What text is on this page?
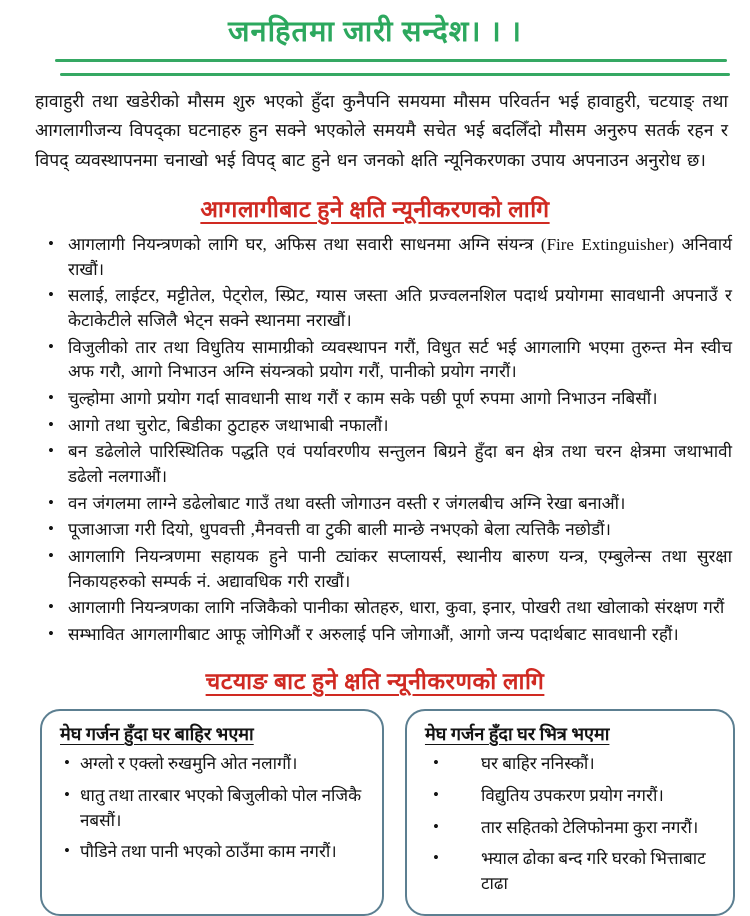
जनहितमा जारी सन्देश। । ।

हावाहुरी तथा खडेरीको मौसम शुरु भएको हुँदा कुनैपनि समयमा मौसम परिवर्तन भई हावाहुरी, चटयाङ् तथा आगलागीजन्य विपद्का घटनाहरु हुन सक्ने भएकोले समयमै सचेत भई बदलिँदो मौसम अनुरुप सतर्क रहन र विपद् व्यवस्थापनमा चनाखो भई विपद् बाट हुने धन जनको क्षति न्यूनिकरणका उपाय अपनाउन अनुरोध छ।

आगलागीबाट हुने क्षति न्यूनीकरणको लागि
• आगलागी नियन्त्रणको लागि घर, अफिस तथा सवारी साधनमा अग्नि संयन्त्र (Fire Extinguisher) अनिवार्य राखौं।
• सलाई, लाईटर, मट्टीतेल, पेट्रोल, स्प्रिट, ग्यास जस्ता अति प्रज्वलनशिल पदार्थ प्रयोगमा सावधानी अपनाउँ र केटाकेटीले सजिलै भेट्न सक्ने स्थानमा नराखौं।
• विजुलीको तार तथा विधुतिय सामाग्रीको व्यवस्थापन गरौं, विधुत सर्ट भई आगलागि भएमा तुरुन्त मेन स्वीच अफ गरौ, आगो निभाउन अग्नि संयन्त्रको प्रयोग गरौं, पानीको प्रयोग नगरौं।
• चुल्होमा आगो प्रयोग गर्दा सावधानी साथ गरौं र काम सके पछी पूर्ण रुपमा आगो निभाउन नबिसौं।
• आगो तथा चुरोट, बिडीका ठुटाहरु जथाभाबी नफालौं।
• बन डढेलोले पारिस्थितिक पद्धति एवं पर्यावरणीय सन्तुलन बिग्रने हुँदा बन क्षेत्र तथा चरन क्षेत्रमा जथाभावी डढेलो नलगाऔं।
• वन जंगलमा लाग्ने डढेलोबाट गाउँ तथा वस्ती जोगाउन वस्ती र जंगलबीच अग्नि रेखा बनाऔं।
• पूजाआजा गरी दियो, धुपवत्ती ,मैनवत्ती वा टुकी बाली मान्छे नभएको बेला त्यत्तिकै नछोडौं।
• आगलागि नियन्त्रणमा सहायक हुने पानी ट्यांकर सप्लायर्स, स्थानीय बारुण यन्त्र, एम्बुलेन्स तथा सुरक्षा निकायहरुको सम्पर्क नं. अद्यावधिक गरी राखौं।
• आगलागी नियन्त्रणका लागि नजिकैको पानीका स्रोतहरु, धारा, कुवा, इनार, पोखरी तथा खोलाको संरक्षण गरौं
• सम्भावित आगलागीबाट आफू जोगिऔं र अरुलाई पनि जोगाऔं, आगो जन्य पदार्थबाट सावधानी रहौं।
चटयाङ बाट हुने क्षति न्यूनीकरणको लागि
मेघ गर्जन हुँदा घर बाहिर भएमा
• अग्लो र एक्लो रुखमुनि ओत नलागौं।
• धातु तथा तारबार भएको बिजुलीको पोल नजिकै नबसौं।
• पौडिने तथा पानी भएको ठाउँमा काम नगरौं।
मेघ गर्जन हुँदा घर भित्र भएमा
• घर बाहिर ननिस्कौं।
• विद्युतिय उपकरण प्रयोग नगरौं।
• तार सहितको टेलिफोनमा कुरा नगरौं।
• झ्याल ढोका बन्द गरि घरको भित्ताबाट टाढा
